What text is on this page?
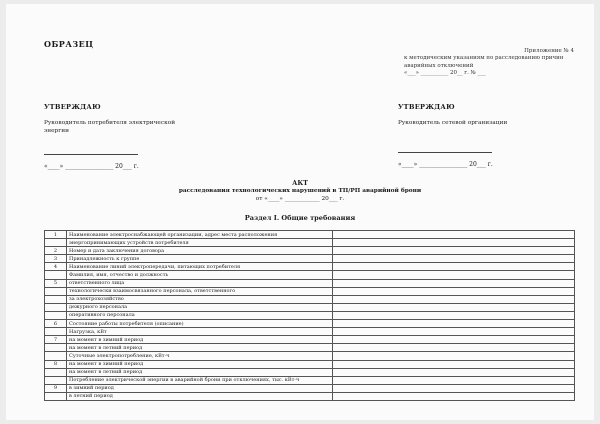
ОБРАЗЕЦ
Приложение № 4
к методическим указаниям по расследованию причин аварийных отключений
«___» __________ 20__ г. № ___
УТВЕРЖДАЮ
Руководитель потребителя электрической энергии
«____» ________________ 20___ г.
УТВЕРЖДАЮ
Руководитель сетевой организации
«____» ________________ 20___ г.
АКТ
расследования технологических нарушений в ТП/РП аварийной брони
от «____» ____________ 20___ г.
Раздел I. Общие требования
1	Наименование электроснабжающей организации, адрес места расположения	
	энергопринимающих устройств потребителя	
2	Номер и дата заключения договора	
3	Принадлежность к группе	
4	Наименование линий электропередачи, питающих потребителя	
	Фамилия, имя, отчество и должность	
5	ответственного лица	
	технологически взаимосвязанного персонала, ответственного	
	за электрохозяйство	
	дежурного персонала	
	оперативного персонала	
6	Состояние работы потребителя (описание)	
	Нагрузка, кВт	
7	на момент в зимний период	
	на момент в летний период	
	Суточные электропотребление, кВт·ч	
8	на момент в зимний период	
	на момент в летний период	
	Потребление электрической энергии в аварийной брони при отключениях, тыс. кВт·ч	
9	в зимний период	
	в летний период	
